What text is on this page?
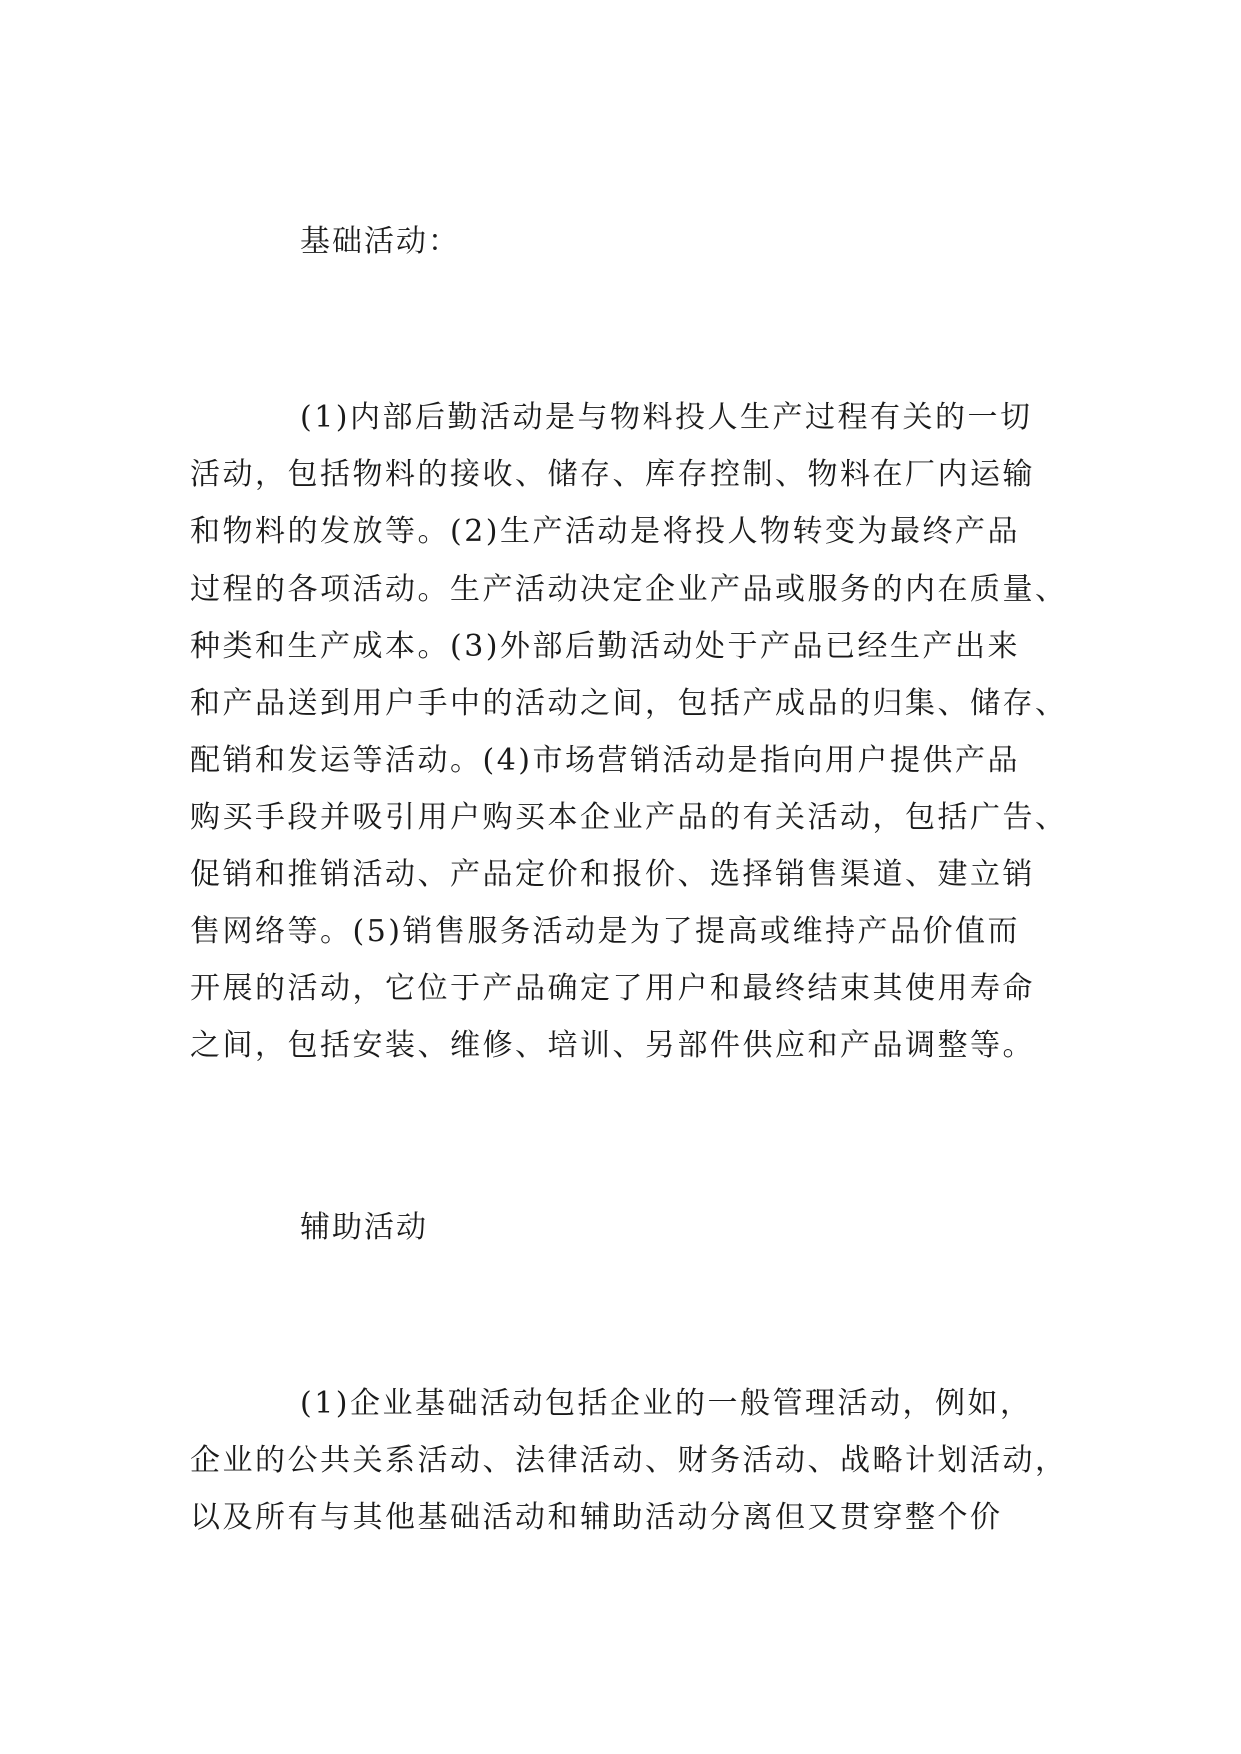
基础活动：

(1)内部后勤活动是与物料投人生产过程有关的一切

活动，包括物料的接收、储存、库存控制、物料在厂内运输

和物料的发放等。(2)生产活动是将投人物转变为最终产品

过程的各项活动。生产活动决定企业产品或服务的内在质量、

种类和生产成本。(3)外部后勤活动处于产品已经生产出来

和产品送到用户手中的活动之间，包括产成品的归集、储存、

配销和发运等活动。(4)市场营销活动是指向用户提供产品

购买手段并吸引用户购买本企业产品的有关活动，包括广告、

促销和推销活动、产品定价和报价、选择销售渠道、建立销

售网络等。(5)销售服务活动是为了提高或维持产品价值而

开展的活动，它位于产品确定了用户和最终结束其使用寿命

之间，包括安装、维修、培训、另部件供应和产品调整等。

辅助活动

(1)企业基础活动包括企业的一般管理活动，例如，

企业的公共关系活动、法律活动、财务活动、战略计划活动，

以及所有与其他基础活动和辅助活动分离但又贯穿整个价
